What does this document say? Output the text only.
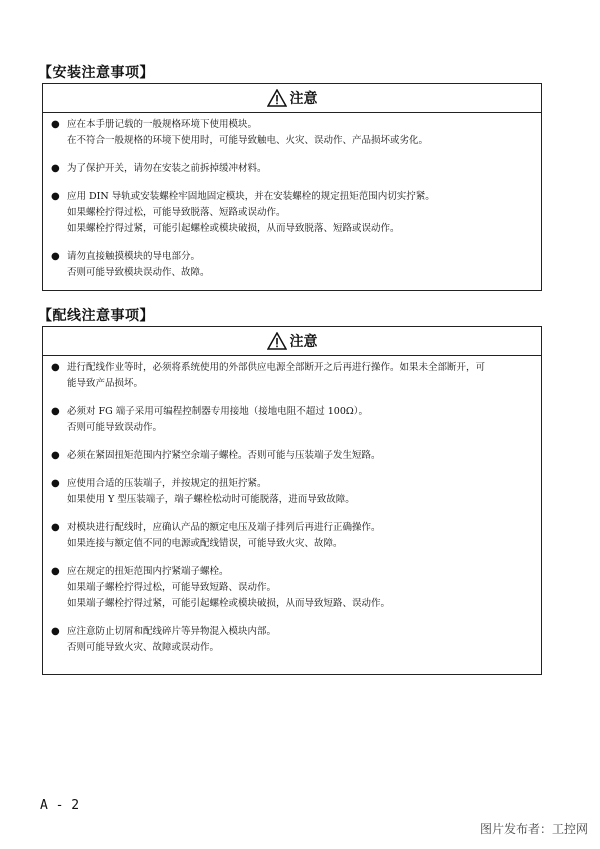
【安装注意事项】
注意
● 应在本手册记载的一般规格环境下使用模块。
在不符合一般规格的环境下使用时，可能导致触电、火灾、误动作、产品损坏或劣化。
● 为了保护开关，请勿在安装之前拆掉缓冲材料。
● 应用 DIN 导轨或安装螺栓牢固地固定模块，并在安装螺栓的规定扭矩范围内切实拧紧。
如果螺栓拧得过松，可能导致脱落、短路或误动作。
如果螺栓拧得过紧，可能引起螺栓或模块破损，从而导致脱落、短路或误动作。
● 请勿直接触摸模块的导电部分。
否则可能导致模块误动作、故障。
【配线注意事项】
注意
● 进行配线作业等时，必须将系统使用的外部供应电源全部断开之后再进行操作。如果未全部断开，可
能导致产品损坏。
● 必须对 FG 端子采用可编程控制器专用接地（接地电阻不超过 100Ω）。
否则可能导致误动作。
● 必须在紧固扭矩范围内拧紧空余端子螺栓。否则可能与压装端子发生短路。
● 应使用合适的压装端子，并按规定的扭矩拧紧。
如果使用 Y 型压装端子，端子螺栓松动时可能脱落，进而导致故障。
● 对模块进行配线时，应确认产品的额定电压及端子排列后再进行正确操作。
如果连接与额定值不同的电源或配线错误，可能导致火灾、故障。
● 应在规定的扭矩范围内拧紧端子螺栓。
如果端子螺栓拧得过松，可能导致短路、误动作。
如果端子螺栓拧得过紧，可能引起螺栓或模块破损，从而导致短路、误动作。
● 应注意防止切屑和配线碎片等异物混入模块内部。
否则可能导致火灾、故障或误动作。
A - 2
图片发布者：工控网
